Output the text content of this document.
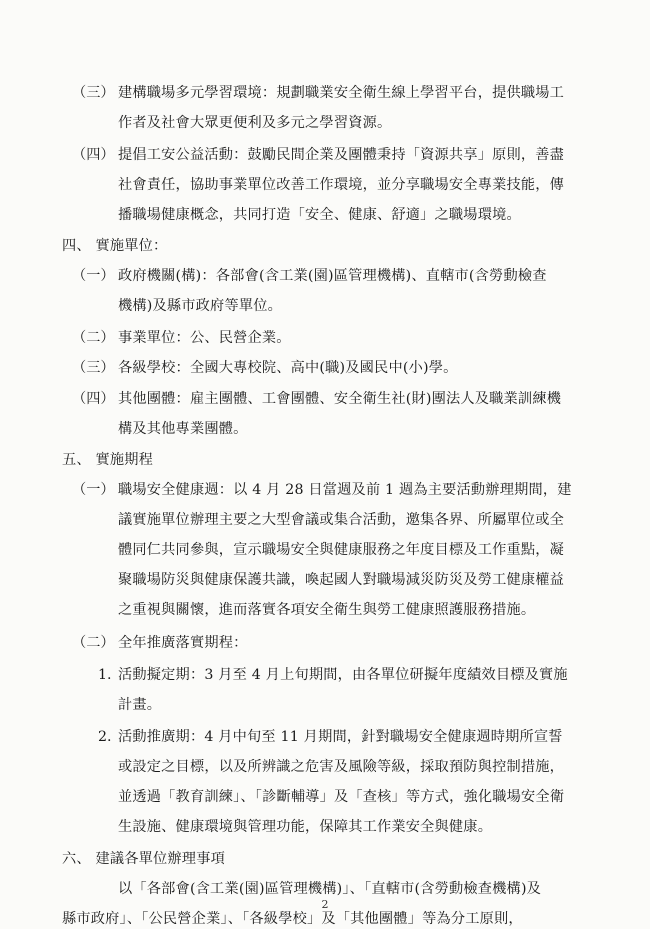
（三） 建構職場多元學習環境：規劃職業安全衛生線上學習平台，提供職場工
作者及社會大眾更便利及多元之學習資源。
（四） 提倡工安公益活動：鼓勵民間企業及團體秉持「資源共享」原則，善盡
社會責任，協助事業單位改善工作環境，並分享職場安全專業技能，傳
播職場健康概念，共同打造「安全、健康、舒適」之職場環境。
四、 實施單位：
（一） 政府機關(構)：各部會(含工業(園)區管理機構)、直轄市(含勞動檢查
機構)及縣市政府等單位。
（二） 事業單位：公、民營企業。
（三） 各級學校：全國大專校院、高中(職)及國民中(小)學。
（四） 其他團體：雇主團體、工會團體、安全衛生社(財)團法人及職業訓練機
構及其他專業團體。
五、 實施期程
（一） 職場安全健康週：以 4 月 28 日當週及前 1 週為主要活動辦理期間，建
議實施單位辦理主要之大型會議或集合活動，邀集各界、所屬單位或全
體同仁共同參與，宣示職場安全與健康服務之年度目標及工作重點，凝
聚職場防災與健康保護共識，喚起國人對職場減災防災及勞工健康權益
之重視與關懷，進而落實各項安全衛生與勞工健康照護服務措施。
（二） 全年推廣落實期程：
1. 活動擬定期：3 月至 4 月上旬期間，由各單位研擬年度績效目標及實施
計畫。
2. 活動推廣期：4 月中旬至 11 月期間，針對職場安全健康週時期所宣誓
或設定之目標，以及所辨識之危害及風險等級，採取預防與控制措施，
並透過「教育訓練」、「診斷輔導」及「查核」等方式，強化職場安全衛
生設施、健康環境與管理功能，保障其工作業安全與健康。
六、 建議各單位辦理事項
以「各部會(含工業(園)區管理機構)」、「直轄市(含勞動檢查機構)及
縣市政府」、「公民營企業」、「各級學校」及「其他團體」等為分工原則，
2
